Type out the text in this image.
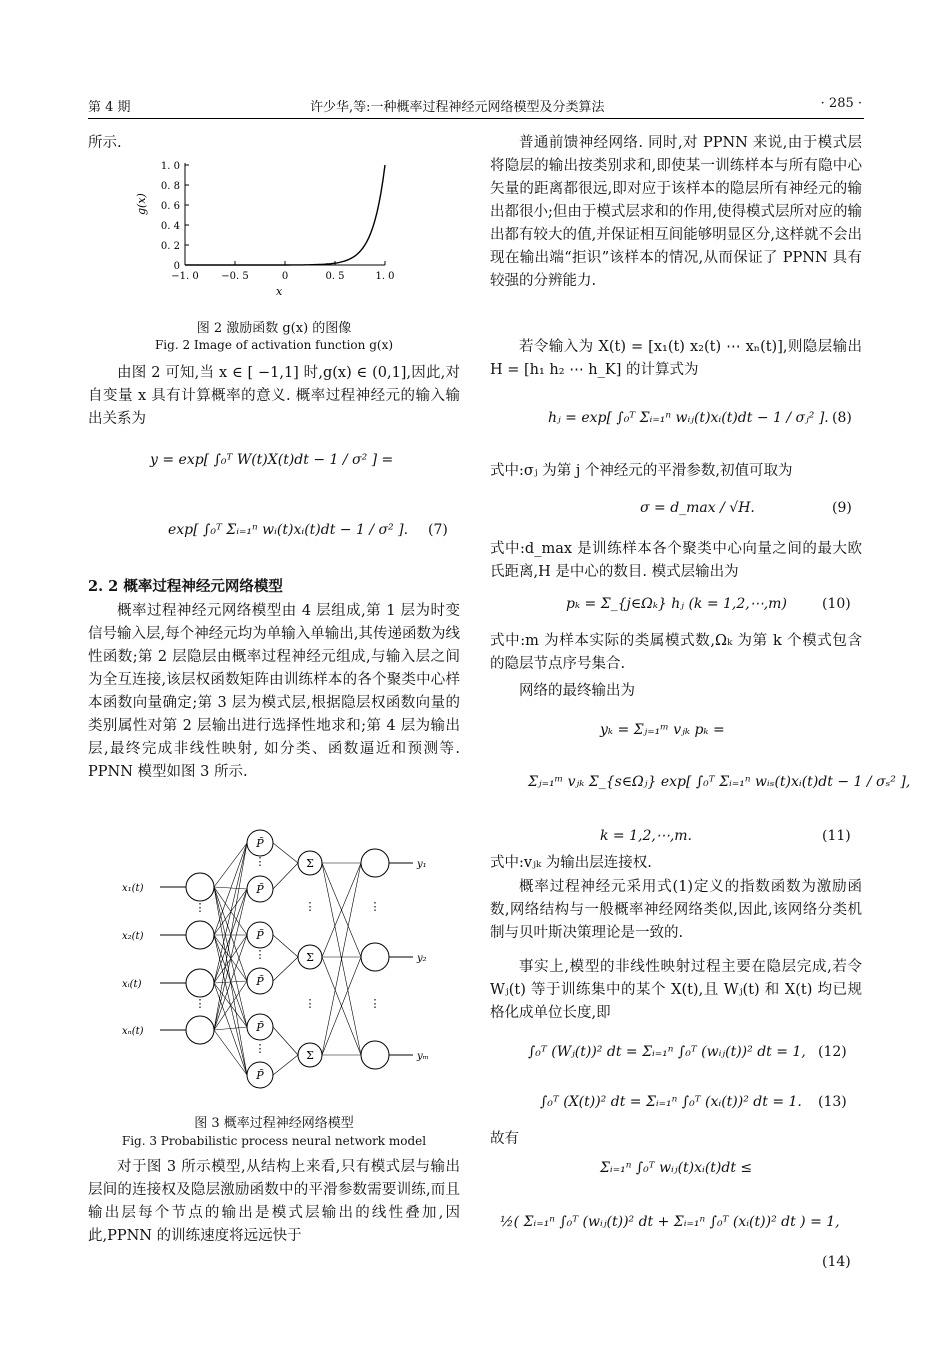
第 4 期	许少华,等:一种概率过程神经元网络模型及分类算法	· 285 ·
所示.
0
0. 2
0. 4
0. 6
0. 8
1. 0
−1. 0 −0. 5	0	0. 5	1. 0
g(x)
x
图 2 激励函数 g(x) 的图像
Fig. 2 Image of activation function g(x)
由图 2 可知,当 x ∈ [ −1,1] 时,g(x) ∈ (0,1],因此,对自变量 x 具有计算概率的意义. 概率过程神经元的输入输出关系为
y = exp[ ∫₀ᵀ W(t)X(t)dt − 1 / σ² ] =
exp[ ∫₀ᵀ Σᵢ₌₁ⁿ wᵢ(t)xᵢ(t)dt − 1 / σ² ]. (7)
2. 2 概率过程神经元网络模型
概率过程神经元网络模型由 4 层组成,第 1 层为时变信号输入层,每个神经元均为单输入单输出,其传递函数为线性函数;第 2 层隐层由概率过程神经元组成,与输入层之间为全互连接,该层权函数矩阵由训练样本的各个聚类中心样本函数向量确定;第 3 层为模式层,根据隐层权函数向量的类别属性对第 2 层输出进行选择性地求和;第 4 层为输出层,最终完成非线性映射, 如分类、函数逼近和预测等. PPNN 模型如图 3 所示.
x₁(t)
x₂(t)
xᵢ(t)
xₙ(t)
P̃
P̃
P̃
P̃
P̃
P̃
Σ
Σ
Σ
y₁
y₂
yₘ
⋮
⋮
⋮
⋮
⋮
⋮
⋮
⋮
⋮
图 3 概率过程神经网络模型
Fig. 3 Probabilistic process neural network model
对于图 3 所示模型,从结构上来看,只有模式层与输出层间的连接权及隐层激励函数中的平滑参数需要训练,而且输出层每个节点的输出是模式层输出的线性叠加,因此,PPNN 的训练速度将远远快于
普通前馈神经网络. 同时,对 PPNN 来说,由于模式层将隐层的输出按类别求和,即使某一训练样本与所有隐中心矢量的距离都很远,即对应于该样本的隐层所有神经元的输出都很小;但由于模式层求和的作用,使得模式层所对应的输出都有较大的值,并保证相互间能够明显区分,这样就不会出现在输出端“拒识”该样本的情况,从而保证了 PPNN 具有较强的分辨能力.
若令输入为 X(t) = [x₁(t) x₂(t) ⋯ xₙ(t)],则隐层输出 H = [h₁ h₂ ⋯ h_K] 的计算式为
hⱼ = exp[ ∫₀ᵀ Σᵢ₌₁ⁿ wᵢⱼ(t)xᵢ(t)dt − 1 / σⱼ² ]. (8)
式中:σⱼ 为第 j 个神经元的平滑参数,初值可取为
σ = d_max / √H.	(9)
式中:d_max 是训练样本各个聚类中心向量之间的最大欧氏距离,H 是中心的数目. 模式层输出为
pₖ = Σ_{j∈Ωₖ} hⱼ (k = 1,2,⋯,m)	(10)
式中:m 为样本实际的类属模式数,Ωₖ 为第 k 个模式包含的隐层节点序号集合.
网络的最终输出为
yₖ = Σⱼ₌₁ᵐ vⱼₖ pₖ =
Σⱼ₌₁ᵐ vⱼₖ Σ_{s∈Ωⱼ} exp[ ∫₀ᵀ Σᵢ₌₁ⁿ wᵢₛ(t)xᵢ(t)dt − 1 / σₛ² ],
k = 1,2,⋯,m.	(11)
式中:vⱼₖ 为输出层连接权.
概率过程神经元采用式(1)定义的指数函数为激励函数,网络结构与一般概率神经网络类似,因此,该网络分类机制与贝叶斯决策理论是一致的.
事实上,模型的非线性映射过程主要在隐层完成,若令 Wⱼ(t) 等于训练集中的某个 X(t),且 Wⱼ(t) 和 X(t) 均已规格化成单位长度,即
∫₀ᵀ (Wⱼ(t))² dt = Σᵢ₌₁ⁿ ∫₀ᵀ (wᵢⱼ(t))² dt = 1, (12)
∫₀ᵀ (X(t))² dt = Σᵢ₌₁ⁿ ∫₀ᵀ (xᵢ(t))² dt = 1. (13)
故有
Σᵢ₌₁ⁿ ∫₀ᵀ wᵢⱼ(t)xᵢ(t)dt ≤
½( Σᵢ₌₁ⁿ ∫₀ᵀ (wᵢⱼ(t))² dt + Σᵢ₌₁ⁿ ∫₀ᵀ (xᵢ(t))² dt ) = 1,
(14)
